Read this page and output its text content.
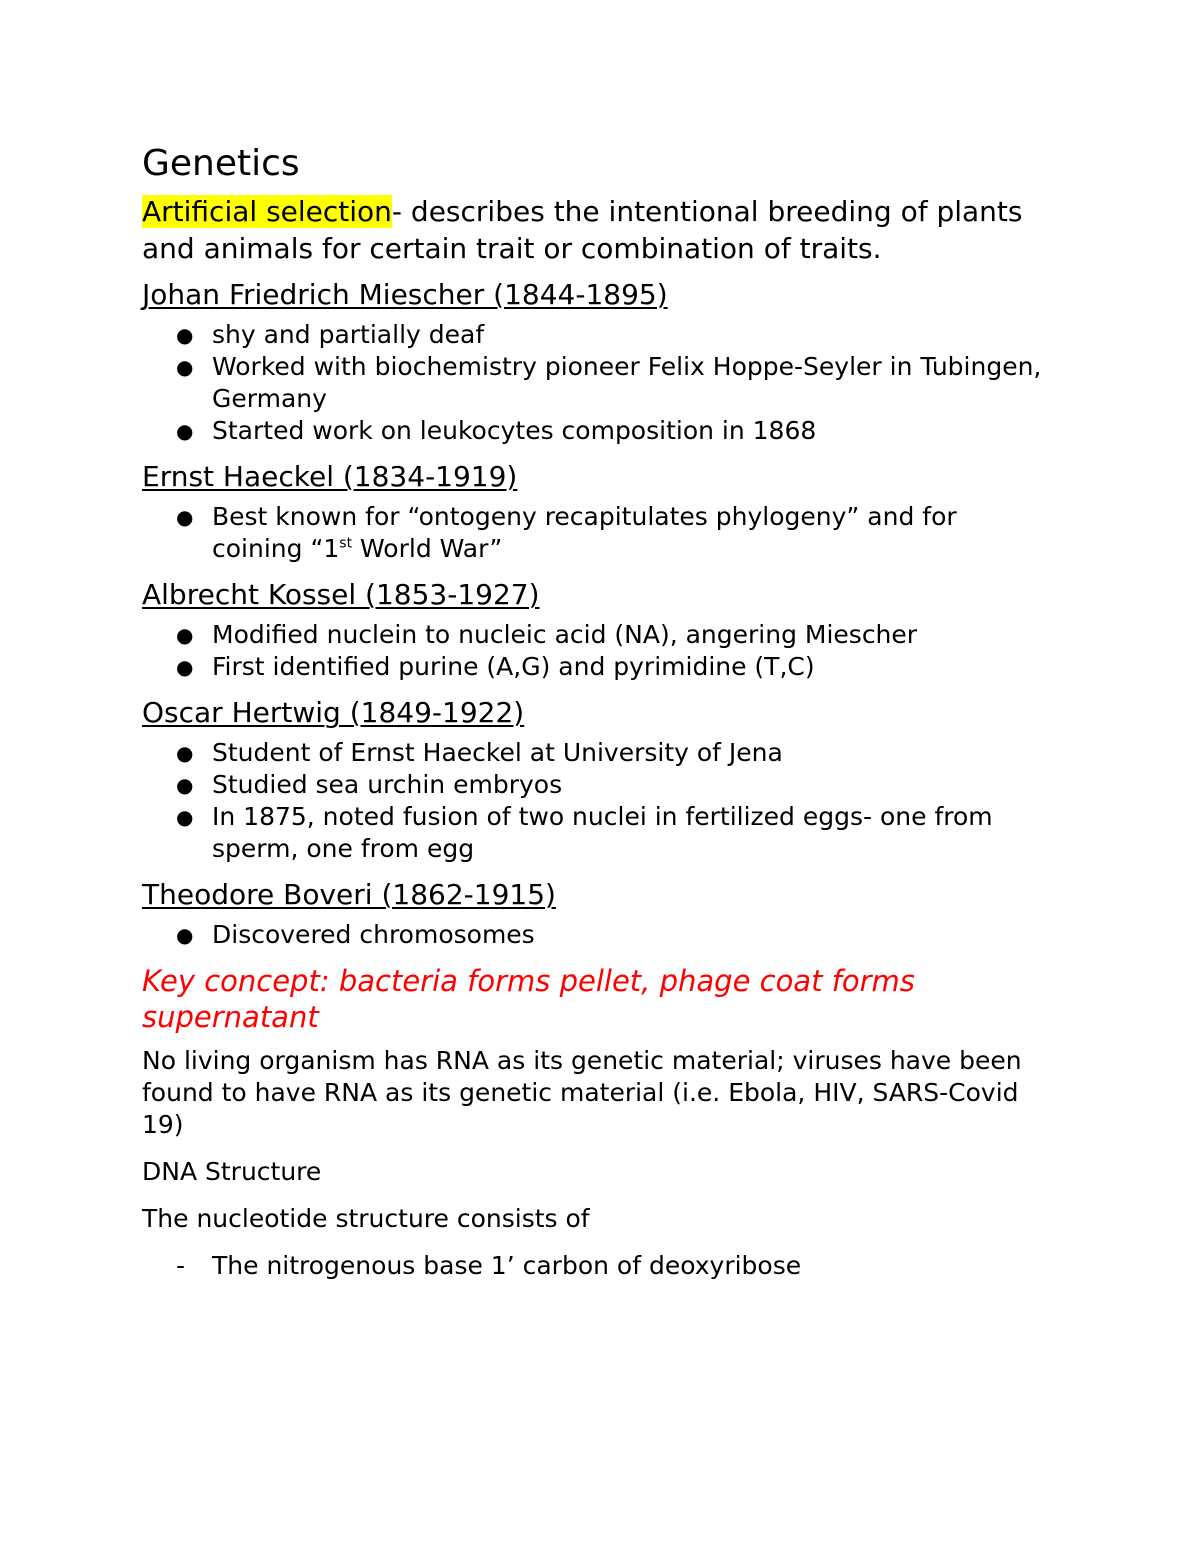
Genetics

Artificial selection- describes the intentional breeding of plants and animals for certain trait or combination of traits.

Johan Friedrich Miescher (1844-1895)
● shy and partially deaf
● Worked with biochemistry pioneer Felix Hoppe-Seyler in Tubingen, Germany
● Started work on leukocytes composition in 1868
Ernst Haeckel (1834-1919)
● Best known for “ontogeny recapitulates phylogeny” and for coining “1st World War”
Albrecht Kossel (1853-1927)
● Modified nuclein to nucleic acid (NA), angering Miescher
● First identified purine (A,G) and pyrimidine (T,C)
Oscar Hertwig (1849-1922)
● Student of Ernst Haeckel at University of Jena
● Studied sea urchin embryos
● In 1875, noted fusion of two nuclei in fertilized eggs- one from sperm, one from egg
Theodore Boveri (1862-1915)
● Discovered chromosomes
Key concept: bacteria forms pellet, phage coat forms supernatant

No living organism has RNA as its genetic material; viruses have been found to have RNA as its genetic material (i.e. Ebola, HIV, SARS-Covid 19)

DNA Structure

The nucleotide structure consists of

- The nitrogenous base 1’ carbon of deoxyribose
